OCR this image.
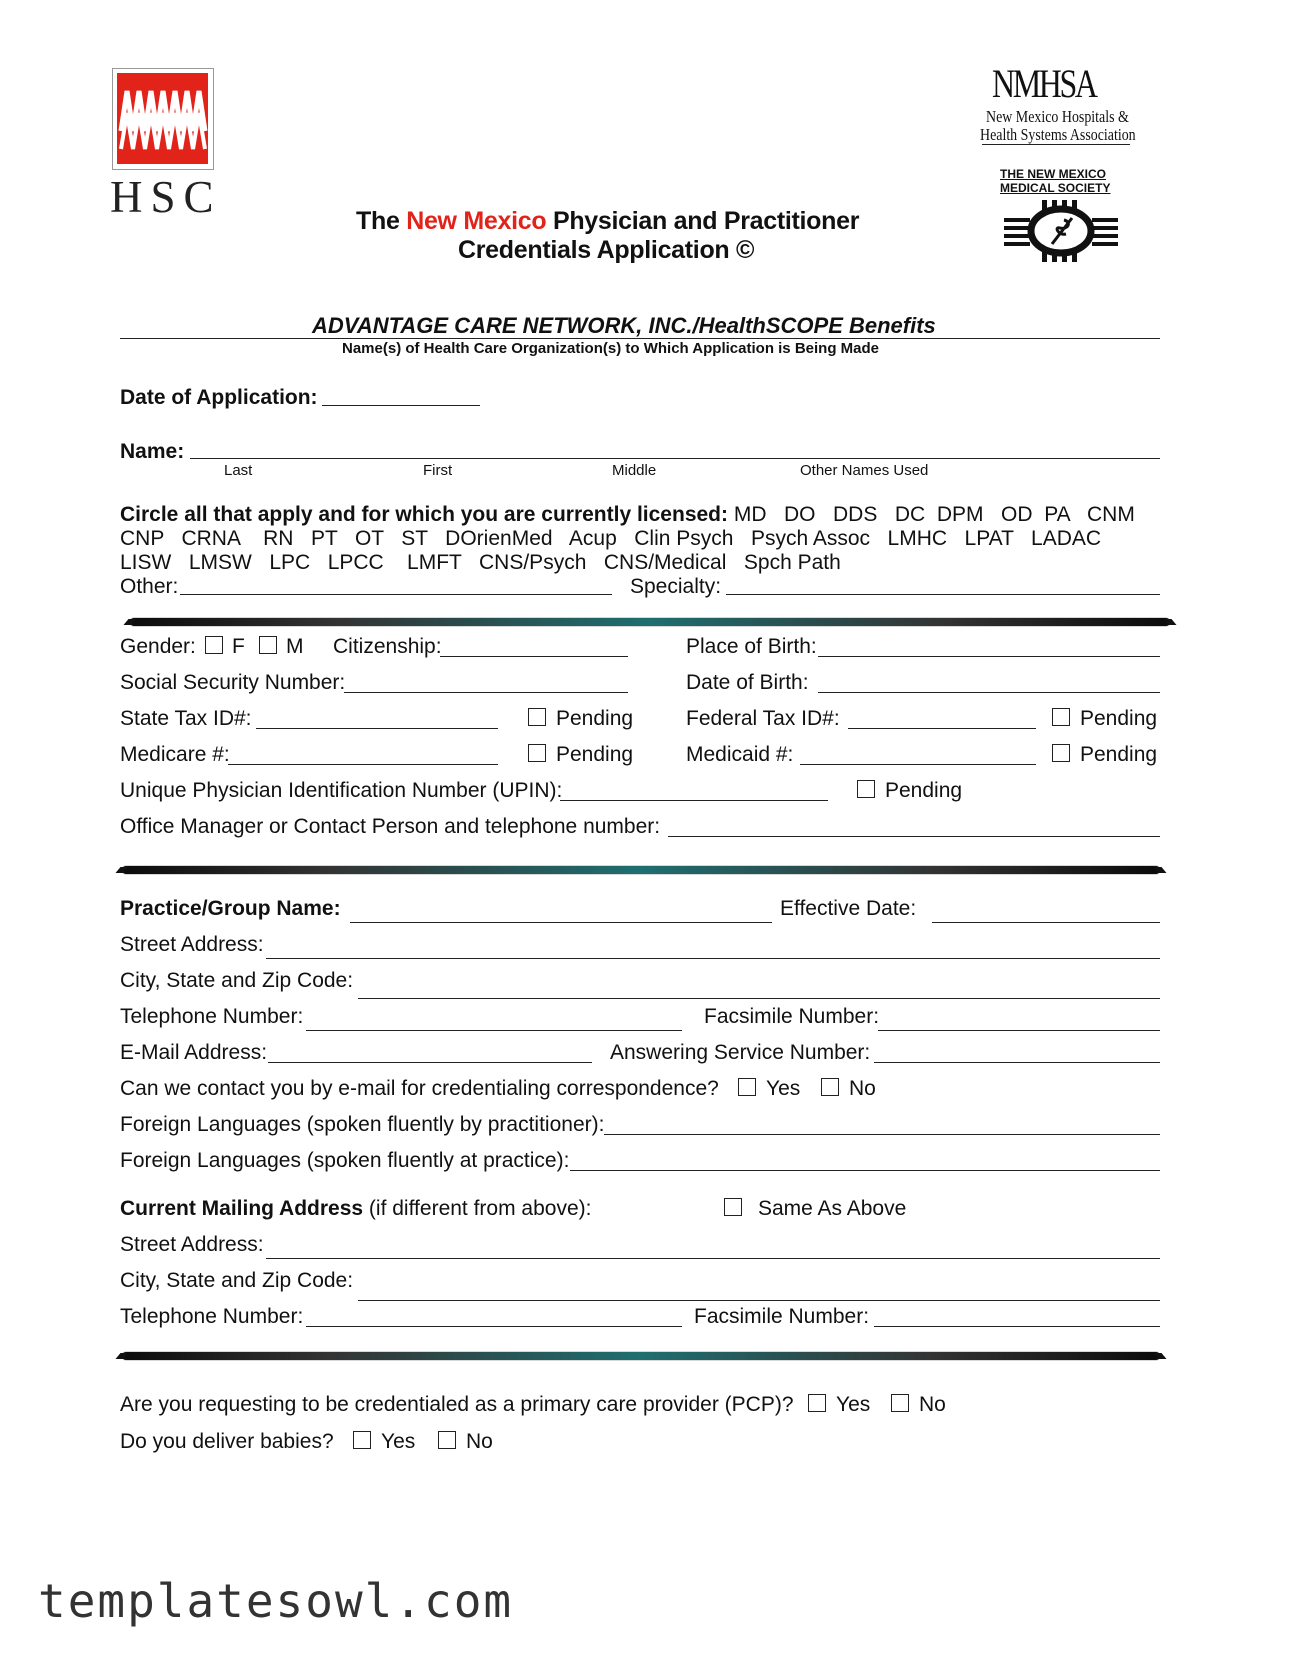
HSC
NMHSA
New Mexico Hospitals &
Health Systems Association
THE NEW MEXICO
MEDICAL SOCIETY
The New Mexico Physician and Practitioner
Credentials Application ©
ADVANTAGE CARE NETWORK, INC./HealthSCOPE Benefits
Name(s) of Health Care Organization(s) to Which Application is Being Made
Date of Application:
Name:
Last	First	Middle	Other Names Used
Circle all that apply and for which you are currently licensed: MD   DO   DDS   DC  DPM   OD  PA   CNM
CNP   CRNA    RN   PT   OT   ST   DOrienMed   Acup   Clin Psych   Psych Assoc   LMHC   LPAT   LADAC
LISW   LMSW   LPC   LPCC    LMFT   CNS/Psych   CNS/Medical   Spch Path
Other:	Specialty:
Gender: F M Citizenship:	Place of Birth:
Social Security Number:	Date of Birth:
State Tax ID#:	Pending	Federal Tax ID#:	Pending
Medicare #:	Pending	Medicaid #:	Pending
Unique Physician Identification Number (UPIN):	Pending
Office Manager or Contact Person and telephone number:
Practice/Group Name:	Effective Date:
Street Address:
City, State and Zip Code:
Telephone Number:	Facsimile Number:
E-Mail Address:	Answering Service Number:
Can we contact you by e-mail for credentialing correspondence? Yes No
Foreign Languages (spoken fluently by practitioner):
Foreign Languages (spoken fluently at practice):
Current Mailing Address (if different from above):	Same As Above
Street Address:
City, State and Zip Code:
Telephone Number:	Facsimile Number:
Are you requesting to be credentialed as a primary care provider (PCP)? Yes No
Do you deliver babies? Yes No
templatesowl.com
